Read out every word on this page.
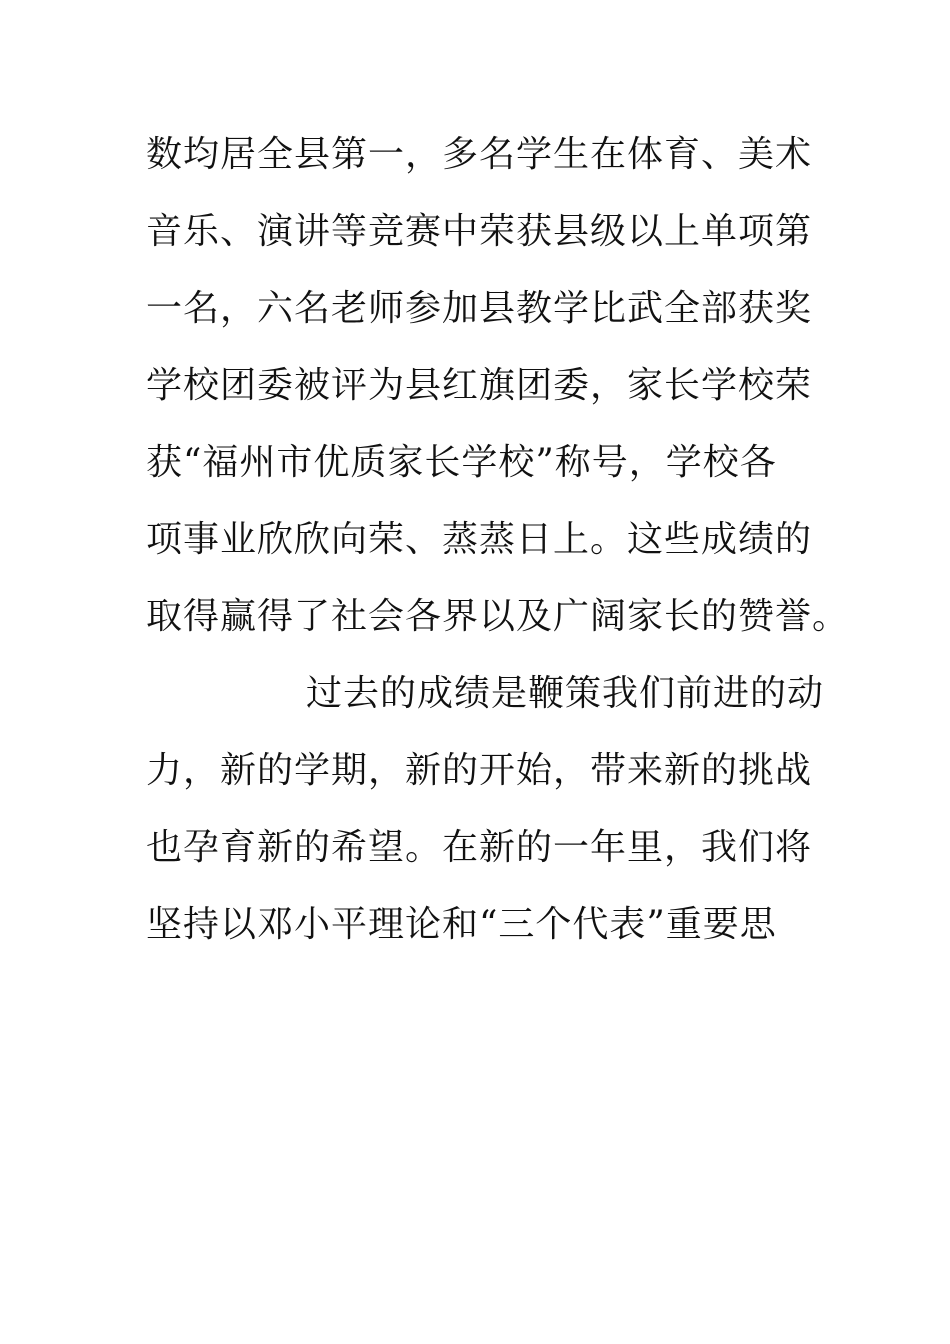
数均居全县第一，多名学生在体育、美术
音乐、演讲等竞赛中荣获县级以上单项第
一名，六名老师参加县教学比武全部获奖
学校团委被评为县红旗团委，家长学校荣
获“福州市优质家长学校”称号，学校各
项事业欣欣向荣、蒸蒸日上。这些成绩的
取得赢得了社会各界以及广阔家长的赞誉。
过去的成绩是鞭策我们前进的动
力，新的学期，新的开始，带来新的挑战
也孕育新的希望。在新的一年里，我们将
坚持以邓小平理论和“三个代表”重要思
